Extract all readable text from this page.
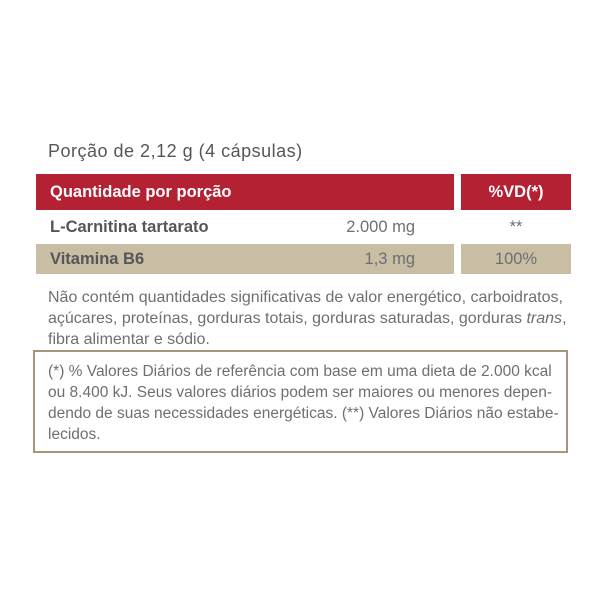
Porção de 2,12 g (4 cápsulas)
Quantidade por porção	%VD(*)
L-Carnitina tartarato	2.000 mg	**
Vitamina B6	1,3 mg	100%
Não contém quantidades significativas de valor energético, carboidratos,
açúcares, proteínas, gorduras totais, gorduras saturadas, gorduras trans,
fibra alimentar e sódio.
(*) % Valores Diários de referência com base em uma dieta de 2.000 kcal
ou 8.400 kJ. Seus valores diários podem ser maiores ou menores depen-
dendo de suas necessidades energéticas. (**) Valores Diários não estabe-
lecidos.
